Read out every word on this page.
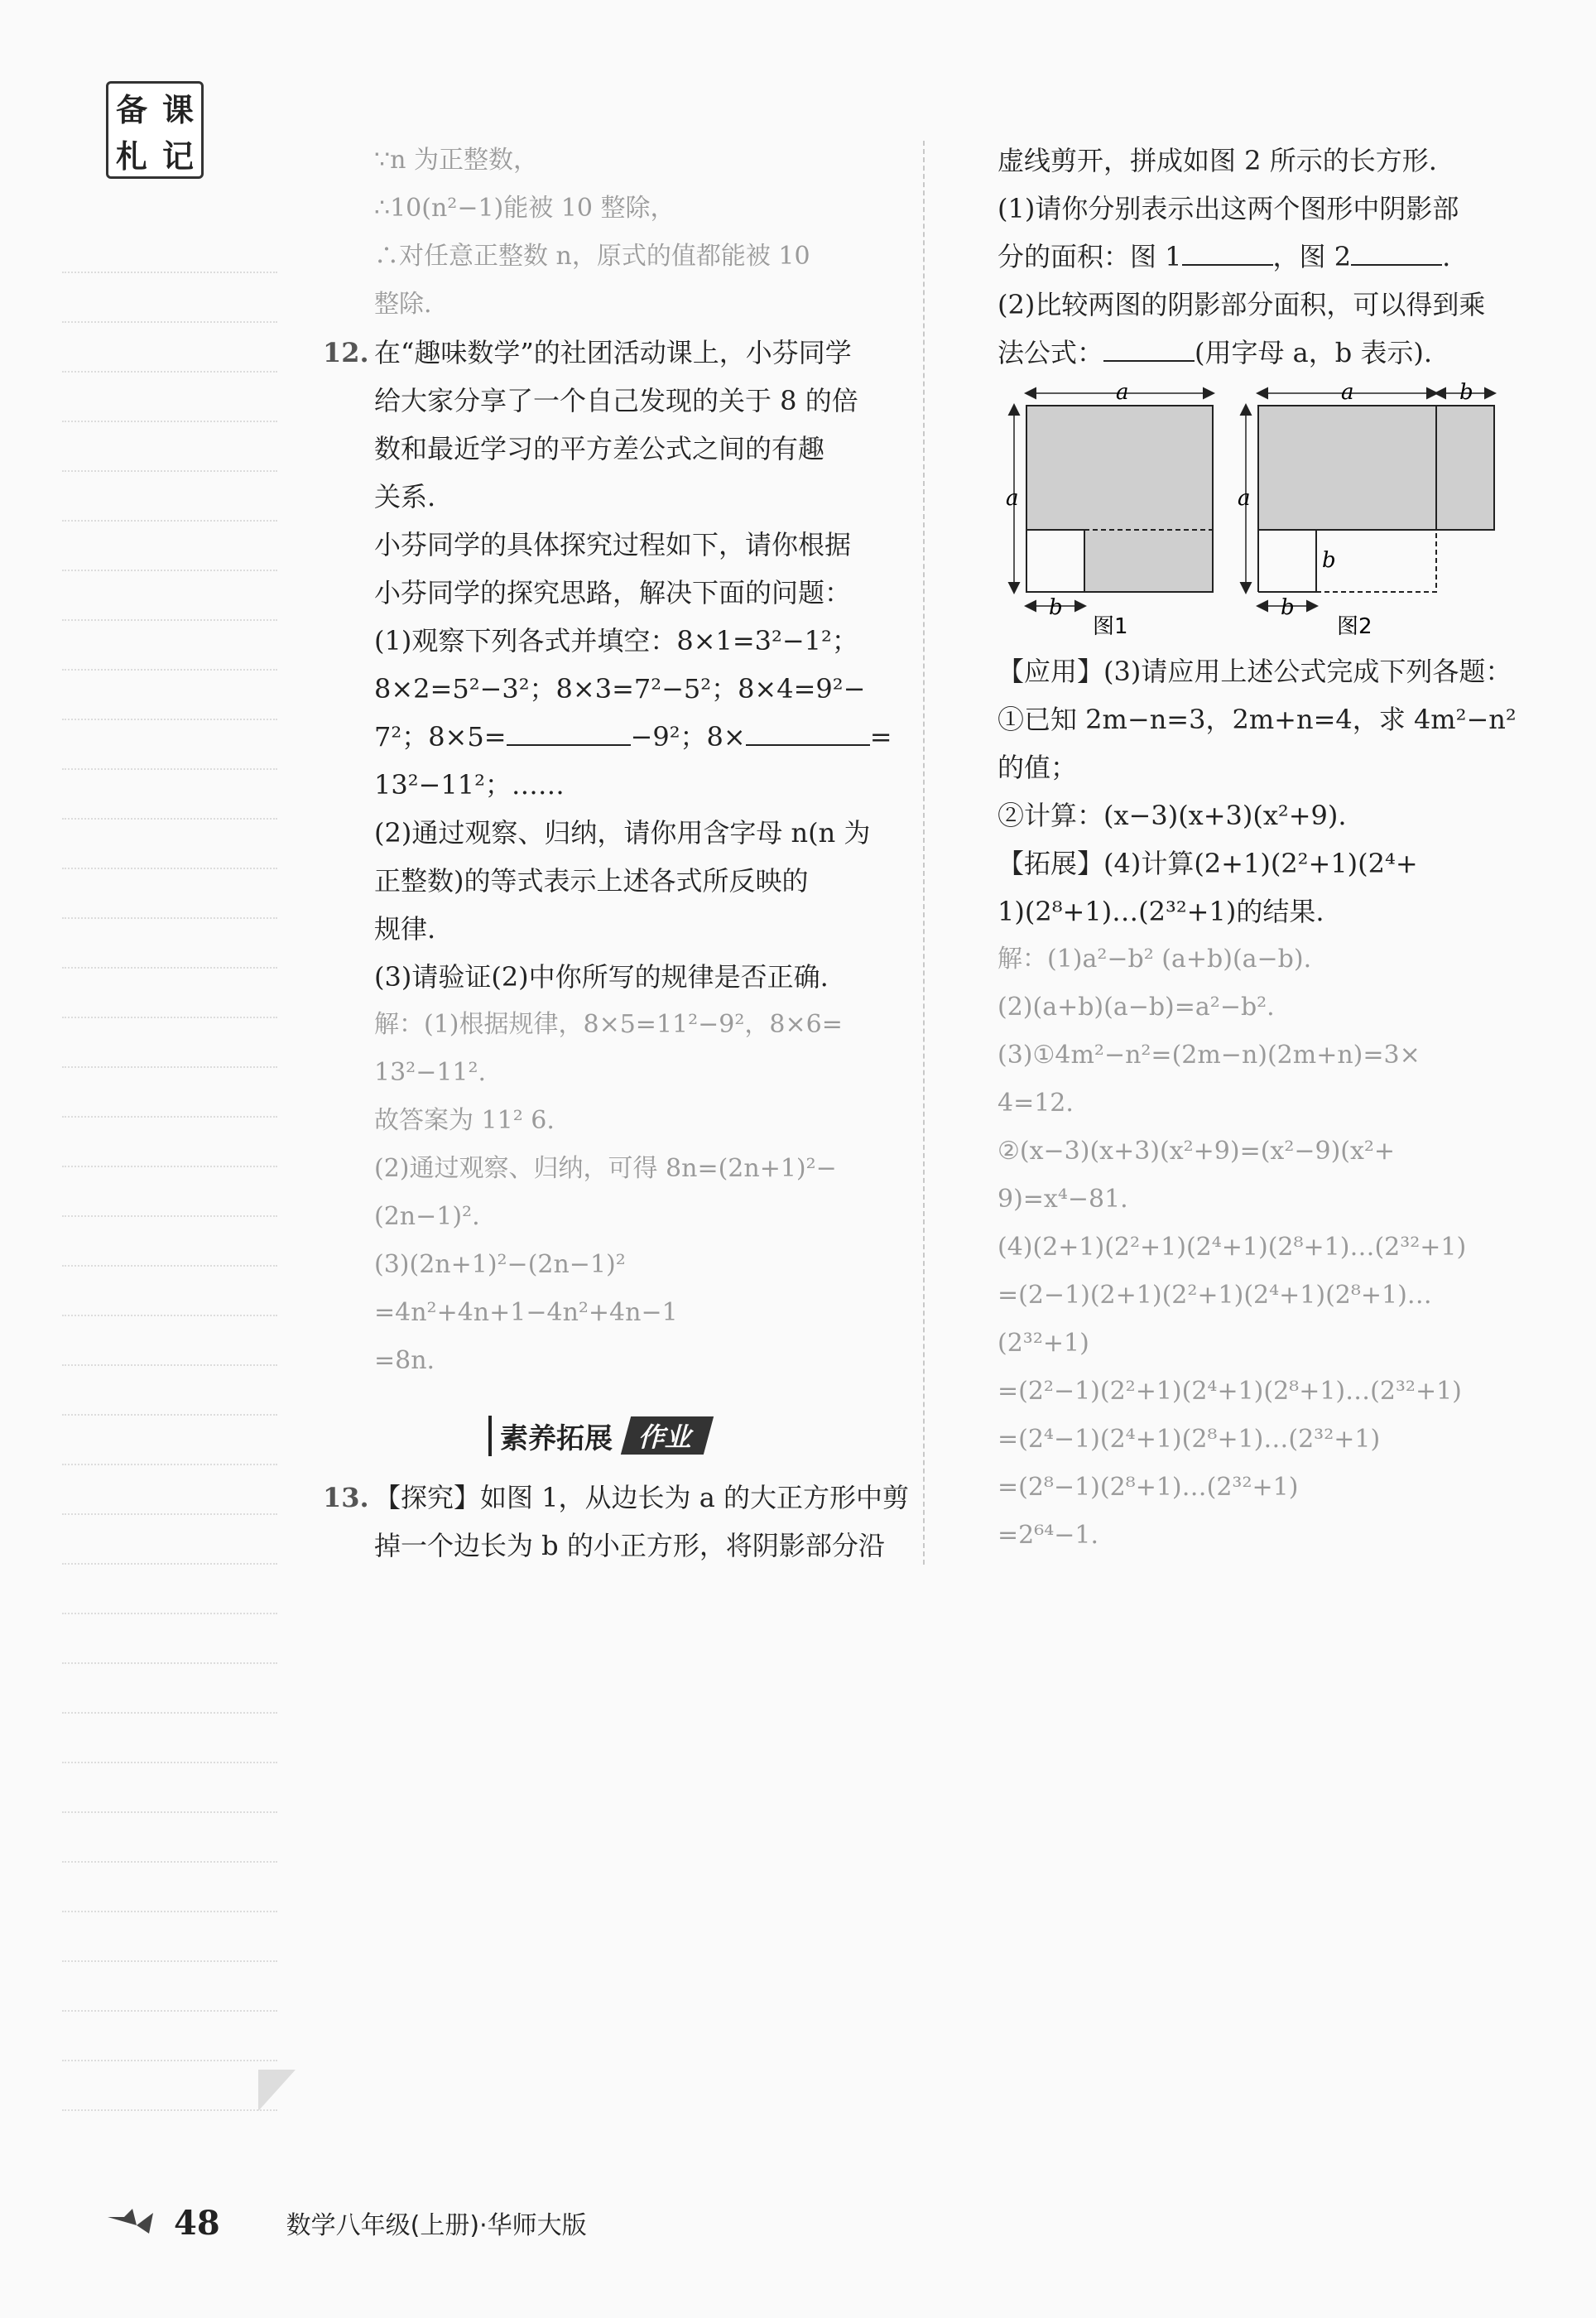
备 课
札 记	∵n 为正整数，
∴10(n²−1)能被 10 整除，
∴对任意正整数 n，原式的值都能被 10
整除.
12. 在“趣味数学”的社团活动课上，小芬同学
给大家分享了一个自己发现的关于 8 的倍
数和最近学习的平方差公式之间的有趣
关系.
小芬同学的具体探究过程如下，请你根据
小芬同学的探究思路，解决下面的问题：
(1)观察下列各式并填空：8×1=3²−1²；
8×2=5²−3²；8×3=7²−5²；8×4=9²−
7²；8×5=	−9²；8×	=
13²−11²；……
(2)通过观察、归纳，请你用含字母 n(n 为
正整数)的等式表示上述各式所反映的
规律.
(3)请验证(2)中你所写的规律是否正确.
解：(1)根据规律，8×5=11²−9²，8×6=
13²−11².
故答案为 11² 6.
(2)通过观察、归纳，可得 8n=(2n+1)²−
(2n−1)².
(3)(2n+1)²−(2n−1)²
=4n²+4n+1−4n²+4n−1
=8n.
素养拓展 作业
13. 【探究】如图 1，从边长为 a 的大正方形中剪
掉一个边长为 b 的小正方形，将阴影部分沿
虚线剪开，拼成如图 2 所示的长方形.
(1)请你分别表示出这两个图形中阴影部
分的面积：图 1	，图 2	.
(2)比较两图的阴影部分面积，可以得到乘
法公式：	(用字母 a，b 表示).
a
a
b
图1
a	b
a
b
b
图2
【应用】(3)请应用上述公式完成下列各题：
①已知 2m−n=3，2m+n=4，求 4m²−n²
的值；
②计算：(x−3)(x+3)(x²+9).
【拓展】(4)计算(2+1)(2²+1)(2⁴+
1)(2⁸+1)…(2³²+1)的结果.
解：(1)a²−b² (a+b)(a−b).
(2)(a+b)(a−b)=a²−b².
(3)①4m²−n²=(2m−n)(2m+n)=3×
4=12.
②(x−3)(x+3)(x²+9)=(x²−9)(x²+
9)=x⁴−81.
(4)(2+1)(2²+1)(2⁴+1)(2⁸+1)…(2³²+1)
=(2−1)(2+1)(2²+1)(2⁴+1)(2⁸+1)…
(2³²+1)
=(2²−1)(2²+1)(2⁴+1)(2⁸+1)…(2³²+1)
=(2⁴−1)(2⁴+1)(2⁸+1)…(2³²+1)
=(2⁸−1)(2⁸+1)…(2³²+1)
=2⁶⁴−1.
48	数学八年级(上册)·华师大版
